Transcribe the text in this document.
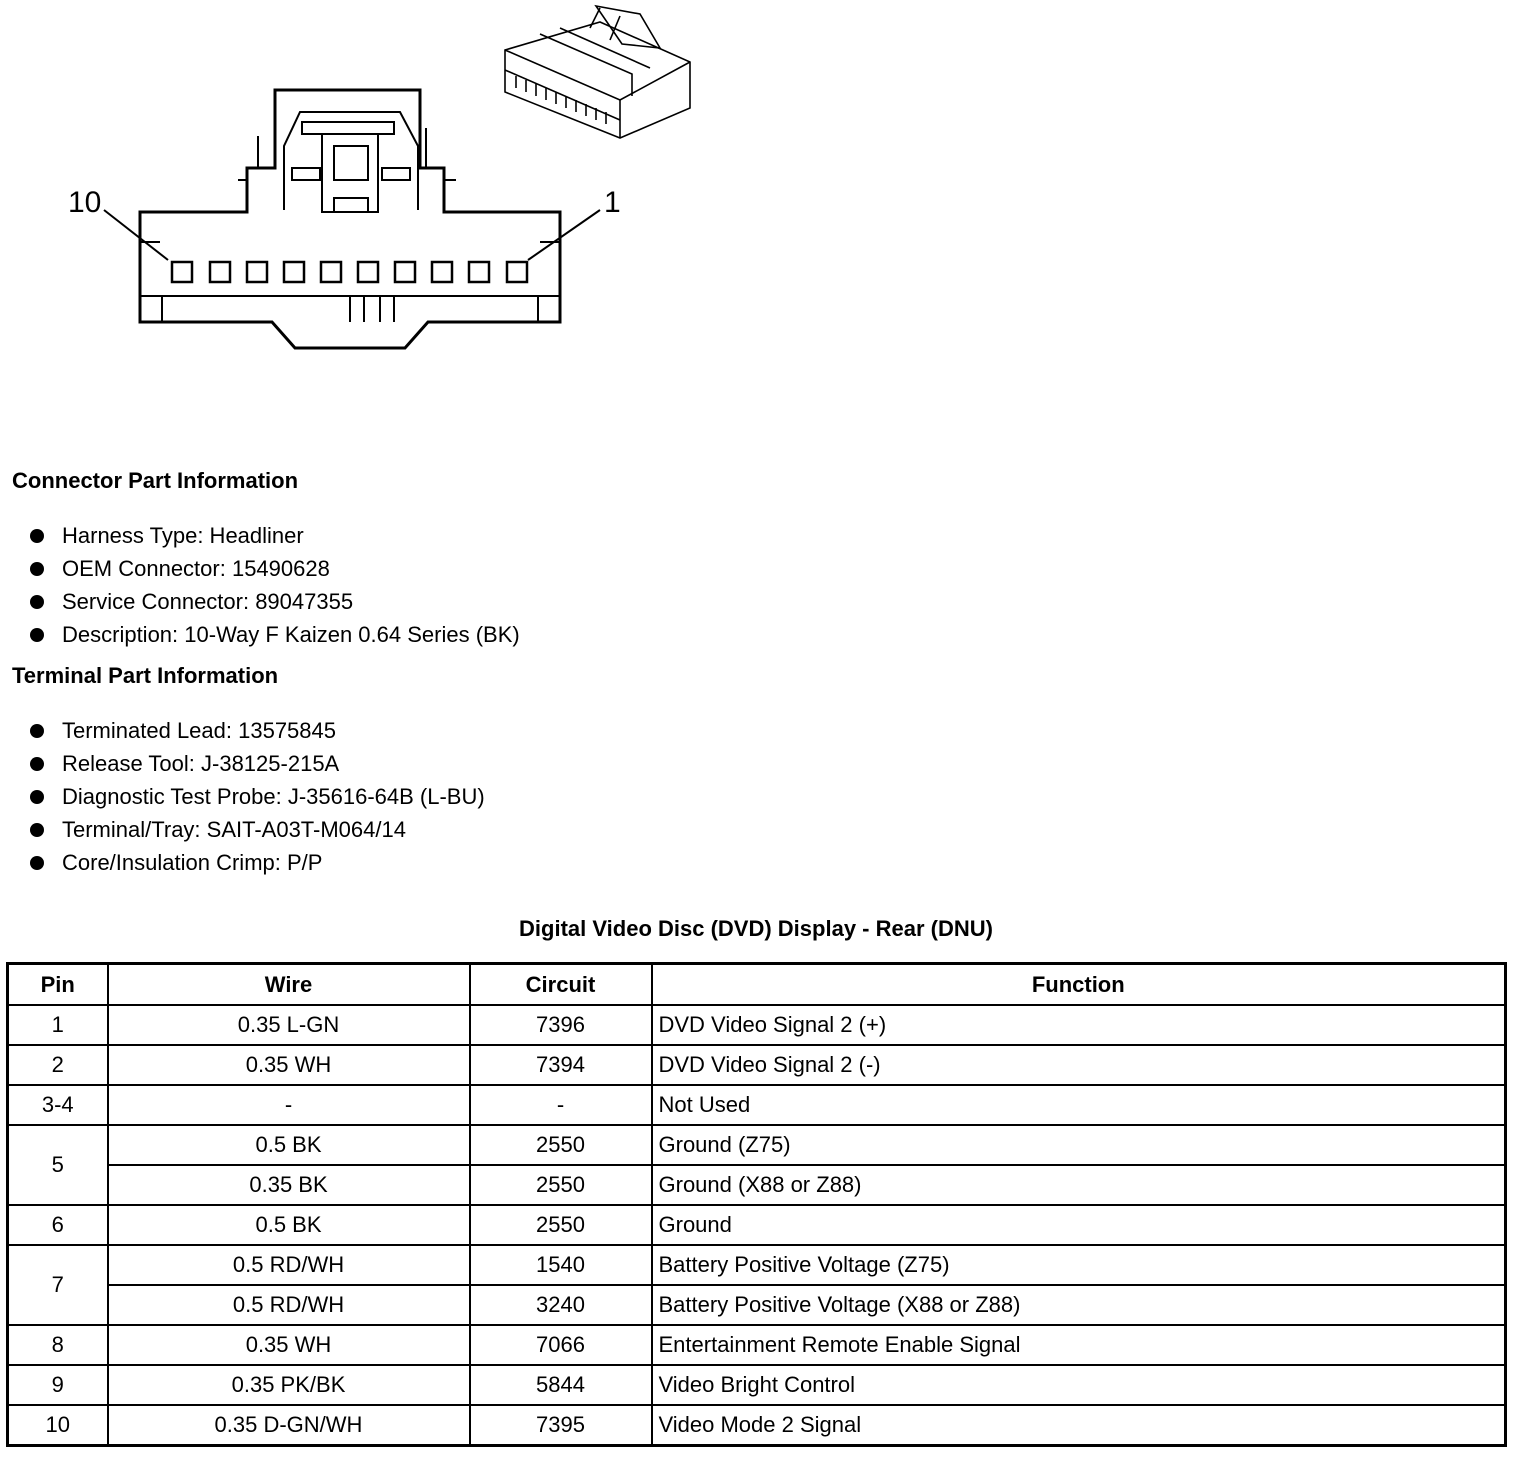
10	1
Connector Part Information
Harness Type: Headliner
OEM Connector: 15490628
Service Connector: 89047355
Description: 10-Way F Kaizen 0.64 Series (BK)
Terminal Part Information
Terminated Lead: 13575845
Release Tool: J-38125-215A
Diagnostic Test Probe: J-35616-64B (L-BU)
Terminal/Tray: SAIT-A03T-M064/14
Core/Insulation Crimp: P/P
Digital Video Disc (DVD) Display - Rear (DNU)
Pin	Wire	Circuit	Function
1	0.35 L-GN	7396	DVD Video Signal 2 (+)
2	0.35 WH	7394	DVD Video Signal 2 (-)
3-4	-	-	Not Used
5	0.5 BK	2550	Ground (Z75)
	0.35 BK	2550	Ground (X88 or Z88)
6	0.5 BK	2550	Ground
7	0.5 RD/WH	1540	Battery Positive Voltage (Z75)
	0.5 RD/WH	3240	Battery Positive Voltage (X88 or Z88)
8	0.35 WH	7066	Entertainment Remote Enable Signal
9	0.35 PK/BK	5844	Video Bright Control
10	0.35 D-GN/WH	7395	Video Mode 2 Signal
